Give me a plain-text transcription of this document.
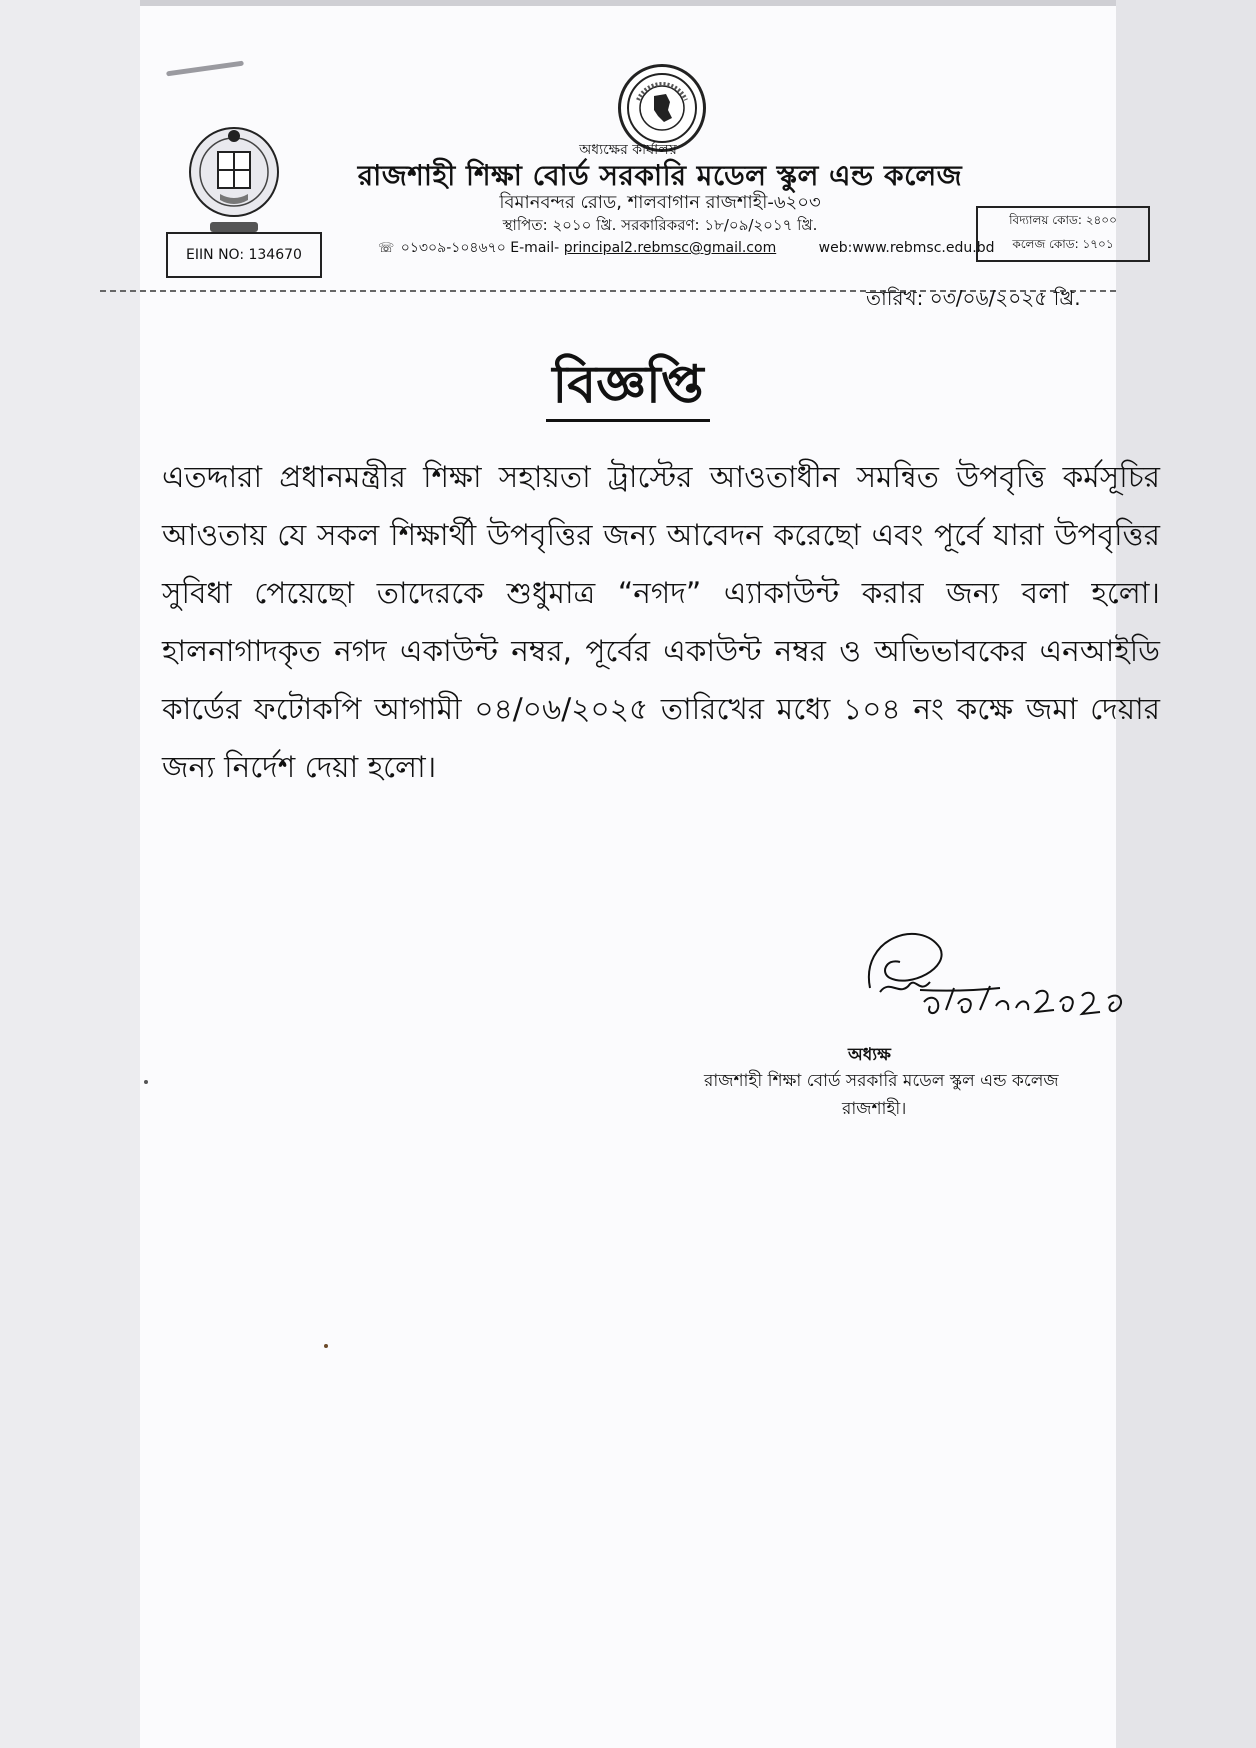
অধ্যক্ষের কার্যালয়
রাজশাহী শিক্ষা বোর্ড সরকারি মডেল স্কুল এন্ড কলেজ
বিমানবন্দর রোড, শালবাগান রাজশাহী-৬২০৩
স্থাপিত: ২০১০ খ্রি. সরকারিকরণ: ১৮/০৯/২০১৭ খ্রি.
☏ ০১৩০৯-১০৪৬৭০ E-mail- principal2.rebmsc@gmail.com	web:www.rebmsc.edu.bd
EIIN NO: 134670
বিদ্যালয় কোড: ২৪০০
কলেজ কোড: ১৭০১
তারিখ: ০৩/০৬/২০২৫ খ্রি.
বিজ্ঞপ্তি
এতদ্দারা প্রধানমন্ত্রীর শিক্ষা সহায়তা ট্রাস্টের আওতাধীন সমন্বিত উপবৃত্তি কর্মসূচির আওতায় যে সকল শিক্ষার্থী উপবৃত্তির জন্য আবেদন করেছো এবং পূর্বে যারা উপবৃত্তির সুবিধা পেয়েছো তাদেরকে শুধুমাত্র “নগদ” এ্যাকাউন্ট করার জন্য বলা হলো। হালনাগাদকৃত নগদ একাউন্ট নম্বর, পূর্বের একাউন্ট নম্বর ও অভিভাবকের এনআইডি কার্ডের ফটোকপি আগামী ০৪/০৬/২০২৫ তারিখের মধ্যে ১০৪ নং কক্ষে জমা দেয়ার জন্য নির্দেশ দেয়া হলো।
অধ্যক্ষ
রাজশাহী শিক্ষা বোর্ড সরকারি মডেল স্কুল এন্ড কলেজ
রাজশাহী।
